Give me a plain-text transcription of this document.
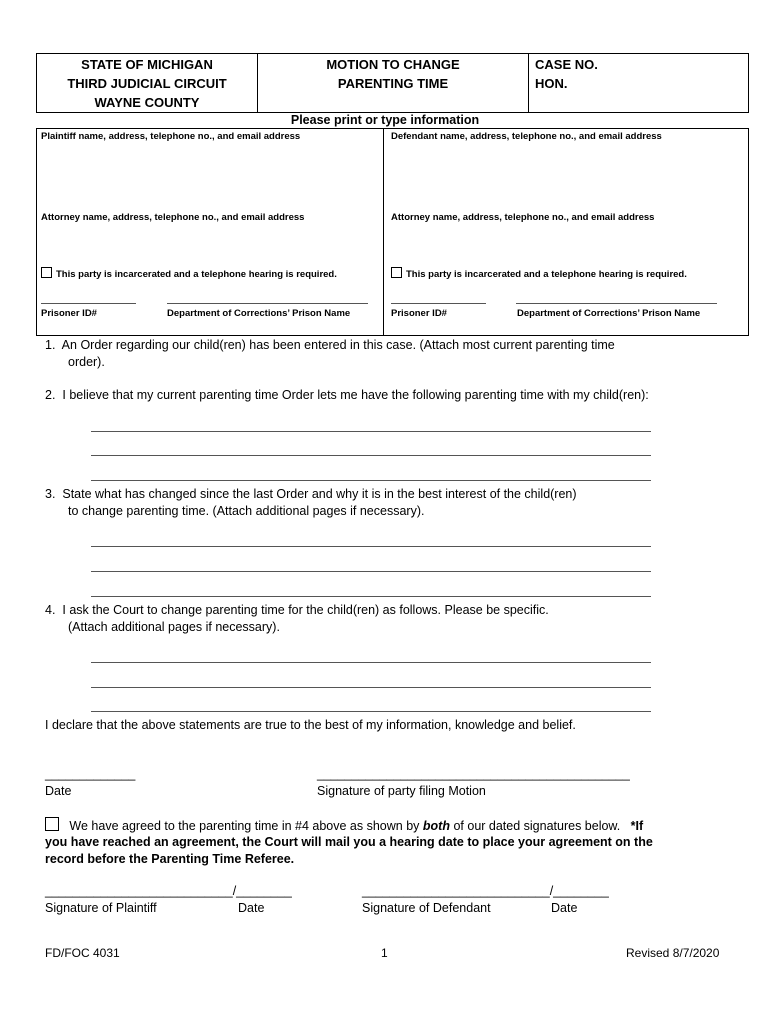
STATE OF MICHIGAN
THIRD JUDICIAL CIRCUIT
WAYNE COUNTY
MOTION TO CHANGE
PARENTING TIME
CASE NO.
HON.
Please print or type information
Plaintiff name, address, telephone no., and email address
Attorney name, address, telephone no., and email address
This party is incarcerated and a telephone hearing is required.
Prisoner ID#	Department of Corrections’ Prison Name
Defendant name, address, telephone no., and email address
Attorney name, address, telephone no., and email address
This party is incarcerated and a telephone hearing is required.
Prisoner ID#	Department of Corrections’ Prison Name
1.  An Order regarding our child(ren) has been entered in this case. (Attach most current parenting time
order).
2.  I believe that my current parenting time Order lets me have the following parenting time with my child(ren):
3.  State what has changed since the last Order and why it is in the best interest of the child(ren)
to change parenting time. (Attach additional pages if necessary).
4.  I ask the Court to change parenting time for the child(ren) as follows. Please be specific.
(Attach additional pages if necessary).
I declare that the above statements are true to the best of my information, knowledge and belief.
_____________
Date
_____________________________________________
Signature of party filing Motion
We have agreed to the parenting time in #4 above as shown by both of our dated signatures below. *If
you have reached an agreement, the Court will mail you a hearing date to place your agreement on the
record before the Parenting Time Referee.
___________________________/________
Signature of Plaintiff	Date
___________________________/________
Signature of Defendant	Date
FD/FOC 4031	1	Revised 8/7/2020
